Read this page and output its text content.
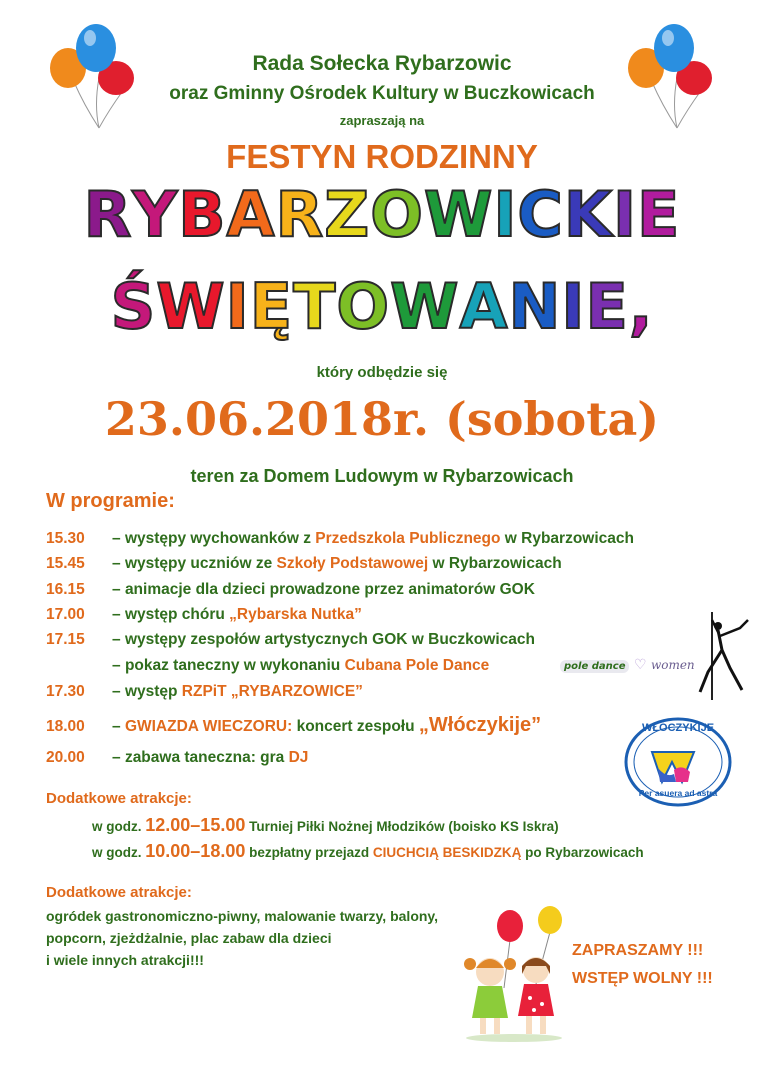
Rada Sołecka Rybarzowic
oraz Gminny Ośrodek Kultury w Buczkowicach
zapraszają na
FESTYN RODZINNY
RYBARZOWICKIE
ŚWIĘTOWANIE,
który odbędzie się
23.06.2018r. (sobota)
teren za Domem Ludowym w Rybarzowicach
W programie:
15.30 – występy wychowanków z Przedszkola Publicznego w Rybarzowicach
15.45 – występy uczniów ze Szkoły Podstawowej w Rybarzowicach
16.15 – animacje dla dzieci prowadzone przez animatorów GOK
17.00 – występ chóru „Rybarska Nutka”
17.15 – występy zespołów artystycznych GOK w Buczkowicach
– pokaz taneczny w wykonaniu Cubana Pole Dance
17.30 – występ RZPiT „RYBARZOWICE”
18.00 – GWIAZDA WIECZORU: koncert zespołu „Włóczykije”
20.00 – zabawa taneczna: gra DJ
pole dance ♡ women
WŁÓCZYKIJE
Per asuera ad astra
Dodatkowe atrakcje:
w godz. 12.00–15.00 Turniej Piłki Nożnej Młodzików (boisko KS Iskra)
w godz. 10.00–18.00 bezpłatny przejazd CIUCHCIĄ BESKIDZKĄ po Rybarzowicach
Dodatkowe atrakcje:
ogródek gastronomiczno-piwny, malowanie twarzy, balony,
popcorn, zjeżdżalnie, plac zabaw dla dzieci
i wiele innych atrakcji!!!
ZAPRASZAMY !!!
WSTĘP WOLNY !!!
